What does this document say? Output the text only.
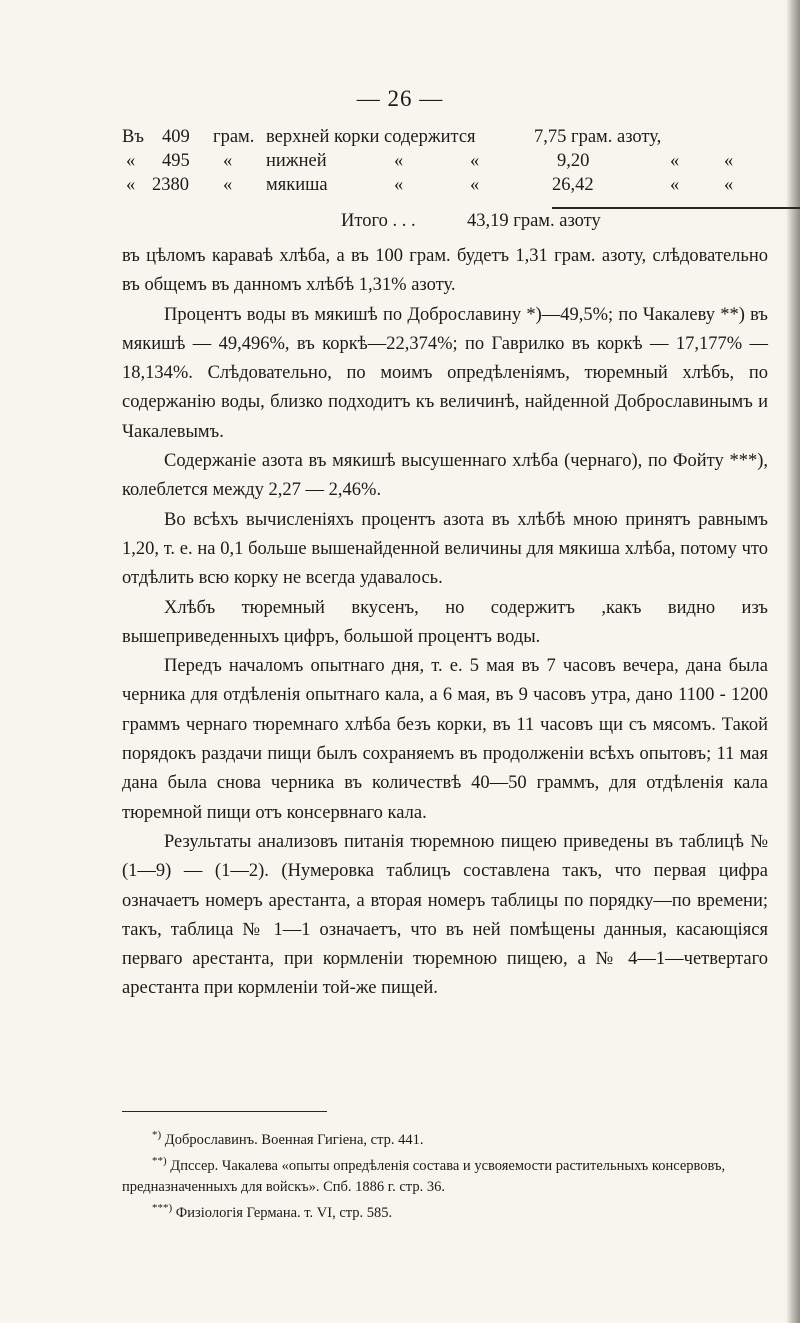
— 26 —
Въ 409 грам. верхней корки содержится	7,75 грам. азоту,
« 495 « нижней	«	«	9,20	« «
« 2380 « мякиша	«	«	26,42	« «
Итого . . .	43,19 грам. азоту

въ цѣломъ караваѣ хлѣба, а въ 100 грам. будетъ 1,31 грам. азоту, слѣдовательно въ общемъ въ данномъ хлѣбѣ 1,31% азоту.

Процентъ воды въ мякишѣ по Доброславину *)—49,5%; по Чакалеву **) въ мякишѣ — 49,496%, въ коркѣ—22,374%; по Гаврилко въ коркѣ — 17,177% — 18,134%. Слѣдовательно, по моимъ опредѣленіямъ, тюремный хлѣбъ, по содержанію воды, близко подходитъ къ величинѣ, найденной Доброславинымъ и Чакалевымъ.

Содержаніе азота въ мякишѣ высушеннаго хлѣба (чернаго), по Фойту ***), колеблется между 2,27 — 2,46%.

Во всѣхъ вычисленіяхъ процентъ азота въ хлѣбѣ мною принятъ равнымъ 1,20, т. е. на 0,1 больше вышенайденной величины для мякиша хлѣба, потому что отдѣлить всю корку не всегда удавалось.

Хлѣбъ тюремный вкусенъ, но содержитъ ,какъ видно изъ вышеприведенныхъ цифръ, большой процентъ воды.

Передъ началомъ опытнаго дня, т. е. 5 мая въ 7 часовъ вечера, дана была черника для отдѣленія опытнаго кала, а 6 мая, въ 9 часовъ утра, дано 1100 - 1200 граммъ чернаго тюремнаго хлѣба безъ корки, въ 11 часовъ щи съ мясомъ. Такой порядокъ раздачи пищи былъ сохраняемъ въ продолженіи всѣхъ опытовъ; 11 мая дана была снова черника въ количествѣ 40—50 граммъ, для отдѣленія кала тюремной пищи отъ консервнаго кала.

Результаты анализовъ питанія тюремною пищею приведены въ таблицѣ № (1—9) — (1—2). (Нумеровка таблицъ составлена такъ, что первая цифра означаетъ номеръ арестанта, а вторая номеръ таблицы по порядку—по времени; такъ, таблица № 1—1 означаетъ, что въ ней помѣщены данныя, касающіяся перваго арестанта, при кормленіи тюремною пищею, а № 4—1—четвертаго арестанта при кормленіи той-же пищей.

*) Доброславинъ. Военная Гигіена, стр. 441.

**) Дпссер. Чакалева «опыты опредѣленія состава и усвояемости растительныхъ консервовъ, предназначенныхъ для войскъ». Спб. 1886 г. стр. 36.

***) Физіологія Германа. т. VI, стр. 585.
